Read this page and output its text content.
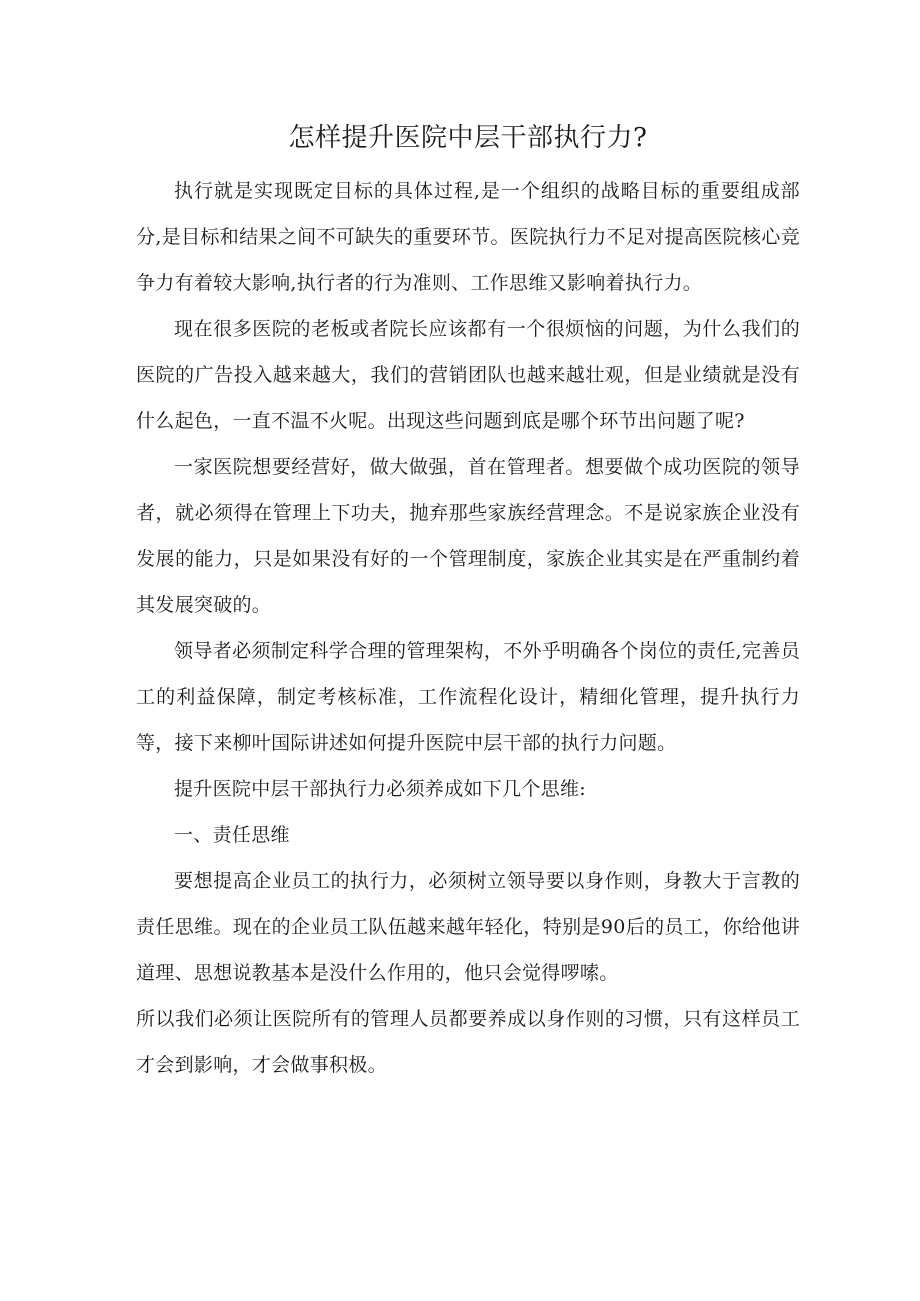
怎样提升医院中层干部执行力?

执行就是实现既定目标的具体过程,是一个组织的战略目标的重要组成部分,是目标和结果之间不可缺失的重要环节。医院执行力不足对提高医院核心竞争力有着较大影响,执行者的行为准则、工作思维又影响着执行力。

现在很多医院的老板或者院长应该都有一个很烦恼的问题，为什么我们的医院的广告投入越来越大，我们的营销团队也越来越壮观，但是业绩就是没有什么起色，一直不温不火呢。出现这些问题到底是哪个环节出问题了呢?

一家医院想要经营好，做大做强，首在管理者。想要做个成功医院的领导者，就必须得在管理上下功夫，抛弃那些家族经营理念。不是说家族企业没有发展的能力，只是如果没有好的一个管理制度，家族企业其实是在严重制约着其发展突破的。

领导者必须制定科学合理的管理架构，不外乎明确各个岗位的责任,完善员工的利益保障，制定考核标准，工作流程化设计，精细化管理，提升执行力等，接下来柳叶国际讲述如何提升医院中层干部的执行力问题。

提升医院中层干部执行力必须养成如下几个思维:

一、责任思维

要想提高企业员工的执行力，必须树立领导要以身作则，身教大于言教的责任思维。现在的企业员工队伍越来越年轻化，特别是90后的员工，你给他讲道理、思想说教基本是没什么作用的，他只会觉得啰嗦。

所以我们必须让医院所有的管理人员都要养成以身作则的习惯，只有这样员工才会到影响，才会做事积极。
